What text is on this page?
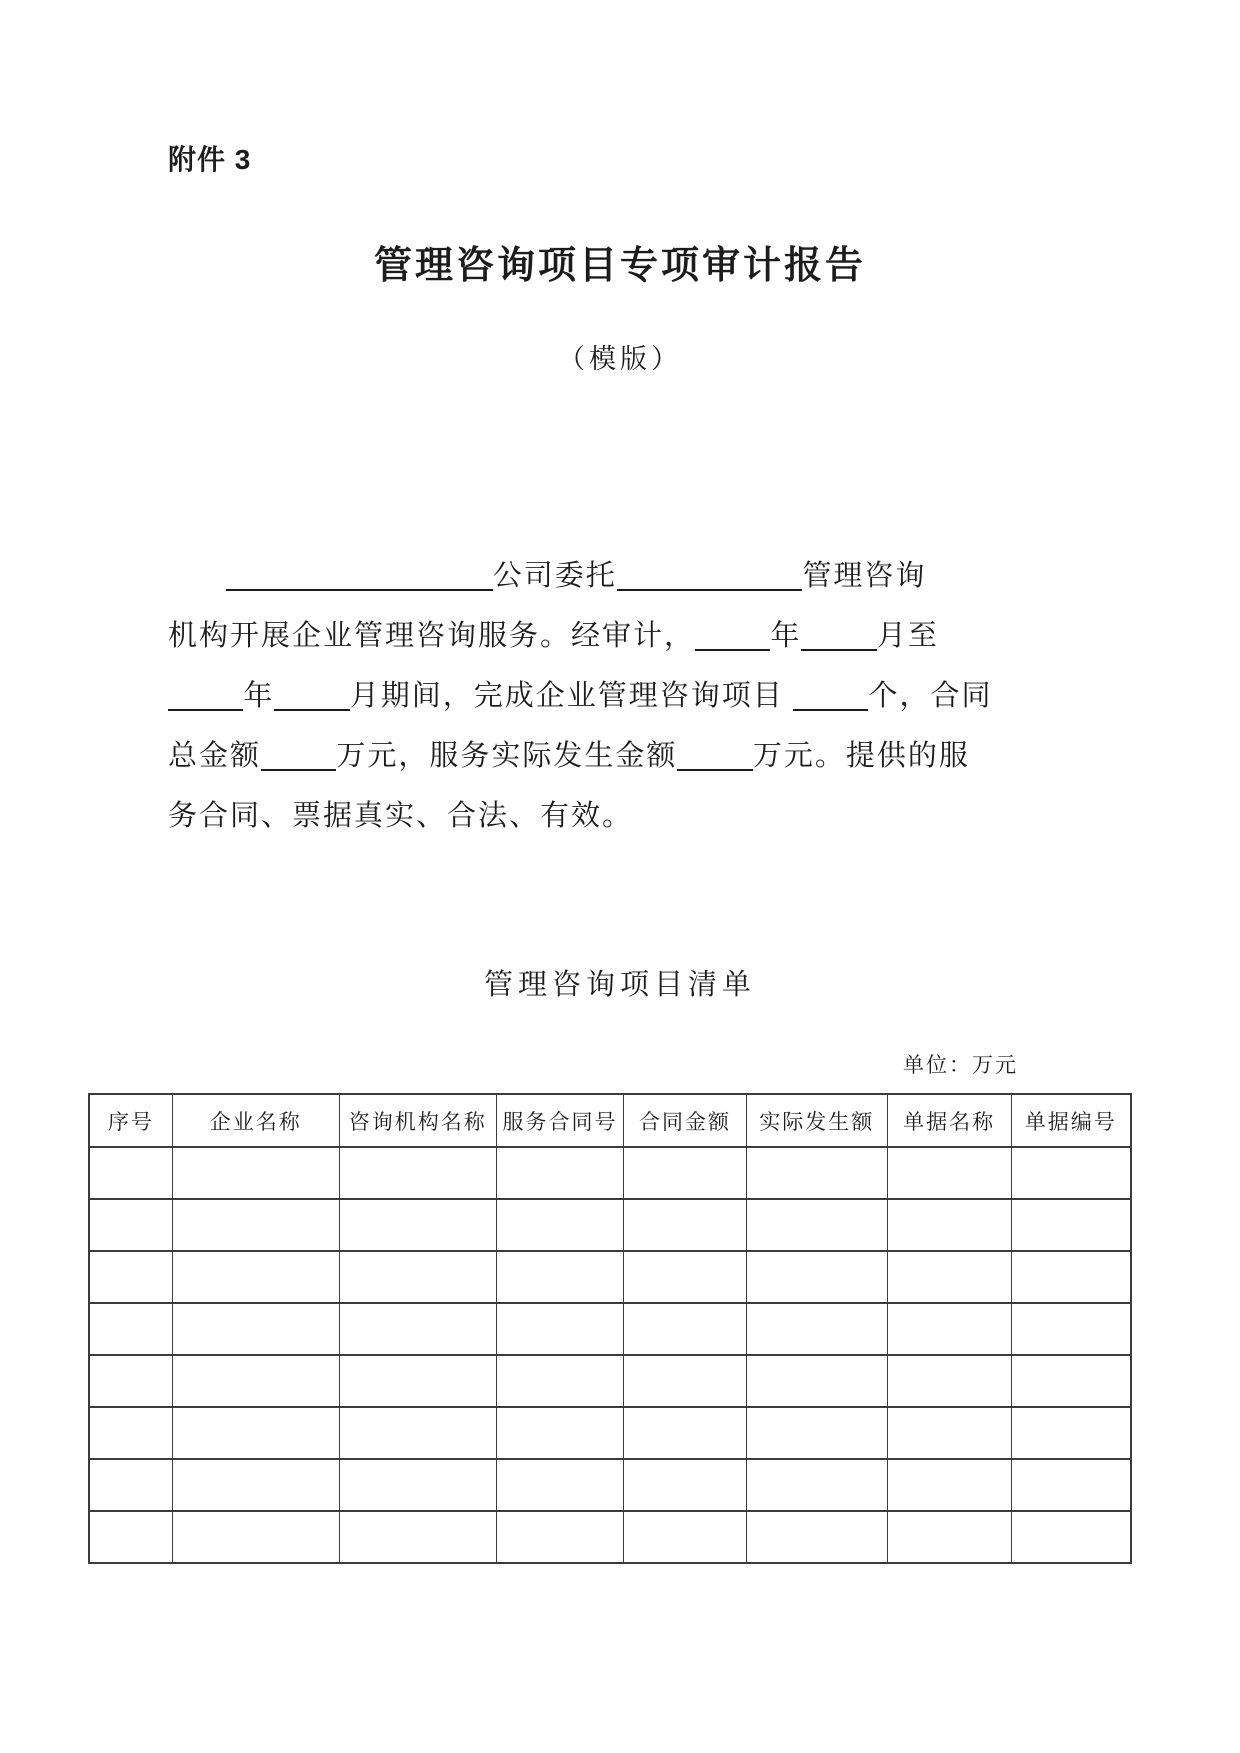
附件 3
管理咨询项目专项审计报告
（模版）
公司委托	管理咨询
机构开展企业管理咨询服务。经审计，	年	月至
年	月期间，完成企业管理咨询项目	个，合同
总金额	万元，服务实际发生金额	万元。提供的服
务合同、票据真实、合法、有效。
管理咨询项目清单
单位：万元
序号	企业名称	咨询机构名称	服务合同号	合同金额	实际发生额	单据名称	单据编号
